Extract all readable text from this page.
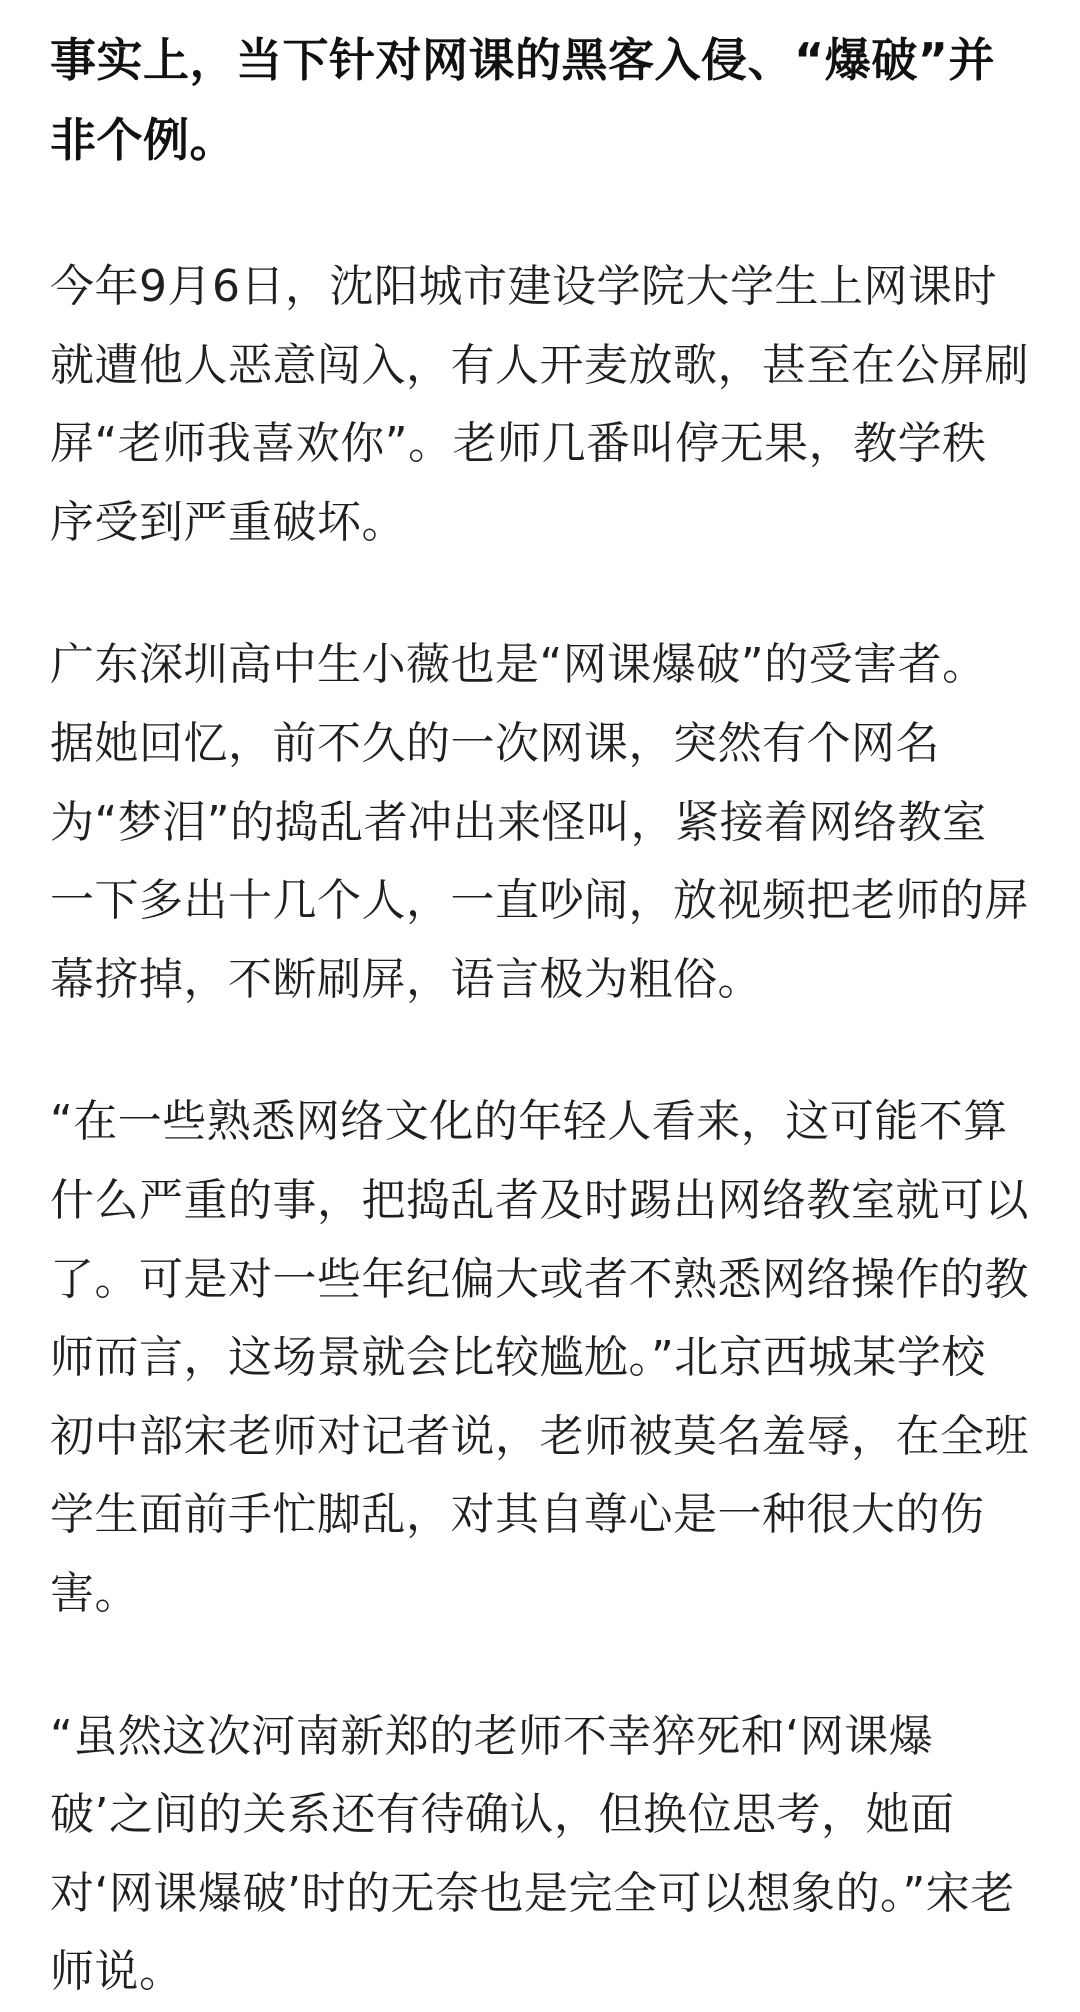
事实上，当下针对网课的黑客入侵、“爆破”并非个例。

今年9月6日，沈阳城市建设学院大学生上网课时就遭他人恶意闯入，有人开麦放歌，甚至在公屏刷屏“老师我喜欢你”。老师几番叫停无果，教学秩序受到严重破坏。

广东深圳高中生小薇也是“网课爆破”的受害者。据她回忆，前不久的一次网课，突然有个网名为“梦泪”的捣乱者冲出来怪叫，紧接着网络教室一下多出十几个人，一直吵闹，放视频把老师的屏幕挤掉，不断刷屏，语言极为粗俗。

“在一些熟悉网络文化的年轻人看来，这可能不算什么严重的事，把捣乱者及时踢出网络教室就可以了。可是对一些年纪偏大或者不熟悉网络操作的教师而言，这场景就会比较尴尬。”北京西城某学校初中部宋老师对记者说，老师被莫名羞辱，在全班学生面前手忙脚乱，对其自尊心是一种很大的伤害。

“虽然这次河南新郑的老师不幸猝死和‘网课爆破’之间的关系还有待确认，但换位思考，她面对‘网课爆破’时的无奈也是完全可以想象的。”宋老师说。
